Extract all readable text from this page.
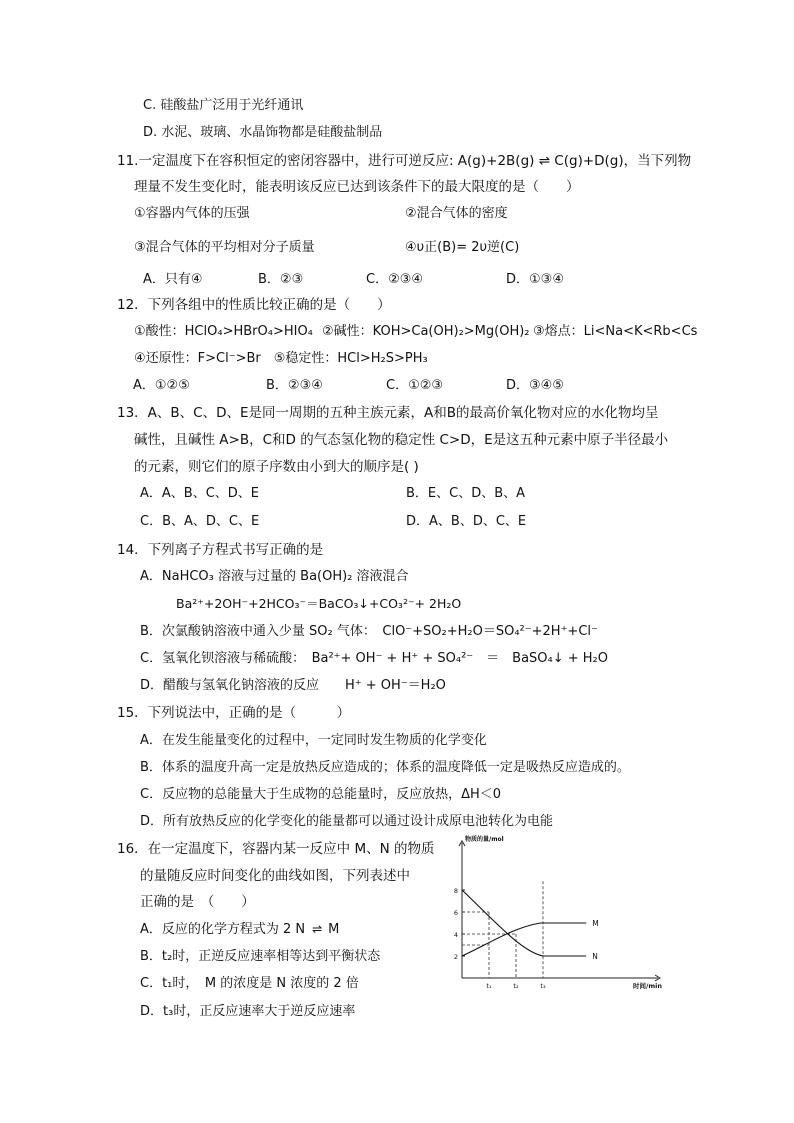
C. 硅酸盐广泛用于光纤通讯
D. 水泥、玻璃、水晶饰物都是硅酸盐制品
11.一定温度下在容积恒定的密闭容器中，进行可逆反应: A(g)+2B(g) ⇌ C(g)+D(g)，当下列物
理量不发生变化时，能表明该反应已达到该条件下的最大限度的是（　　）
①容器内气体的压强	②混合气体的密度
③混合气体的平均相对分子质量	④υ正(B)= 2υ逆(C)
A．只有④	B．②③	C．②③④	D．①③④
12．下列各组中的性质比较正确的是（　　）
①酸性：HClO₄>HBrO₄>HIO₄ ②碱性：KOH>Ca(OH)₂>Mg(OH)₂ ③熔点：Li<Na<K<Rb<Cs
④还原性：F>Cl⁻>Br　⑤稳定性：HCl>H₂S>PH₃
A．①②⑤	B．②③④	C．①②③	D．③④⑤
13．A、B、C、D、E是同一周期的五种主族元素，A和B的最高价氧化物对应的水化物均呈
碱性，且碱性 A>B，C和D 的气态氢化物的稳定性 C>D，E是这五种元素中原子半径最小
的元素，则它们的原子序数由小到大的顺序是( )
A．A、B、C、D、E	B．E、C、D、B、A
C．B、A、D、C、E	D．A、B、D、C、E
14．下列离子方程式书写正确的是
A．NaHCO₃ 溶液与过量的 Ba(OH)₂ 溶液混合
Ba²⁺+2OH⁻+2HCO₃⁻＝BaCO₃↓+CO₃²⁻+ 2H₂O
B．次氯酸钠溶液中通入少量 SO₂ 气体：　ClO⁻+SO₂+H₂O＝SO₄²⁻+2H⁺+Cl⁻
C．氢氧化钡溶液与稀硫酸：　Ba²⁺+ OH⁻ + H⁺ + SO₄²⁻　＝　BaSO₄↓ + H₂O
D．醋酸与氢氧化钠溶液的反应　　H⁺ + OH⁻＝H₂O
15．下列说法中，正确的是（　　　）
A．在发生能量变化的过程中，一定同时发生物质的化学变化
B．体系的温度升高一定是放热反应造成的；体系的温度降低一定是吸热反应造成的。
C．反应物的总能量大于生成物的总能量时，反应放热，ΔH＜0
D．所有放热反应的化学变化的能量都可以通过设计成原电池转化为电能
16．在一定温度下，容器内某一反应中 M、N 的物质
的量随反应时间变化的曲线如图，下列表述中
正确的是　（　　）
A．反应的化学方程式为 2 N  ⇌  M
B．t₂时，正逆反应速率相等达到平衡状态
C．t₁时，　M 的浓度是 N 浓度的 2 倍
D．t₃时，正反应速率大于逆反应速率
2
4
6
8
物质的量/mol
时间/min
t₁	t₂	t₃
M
N
